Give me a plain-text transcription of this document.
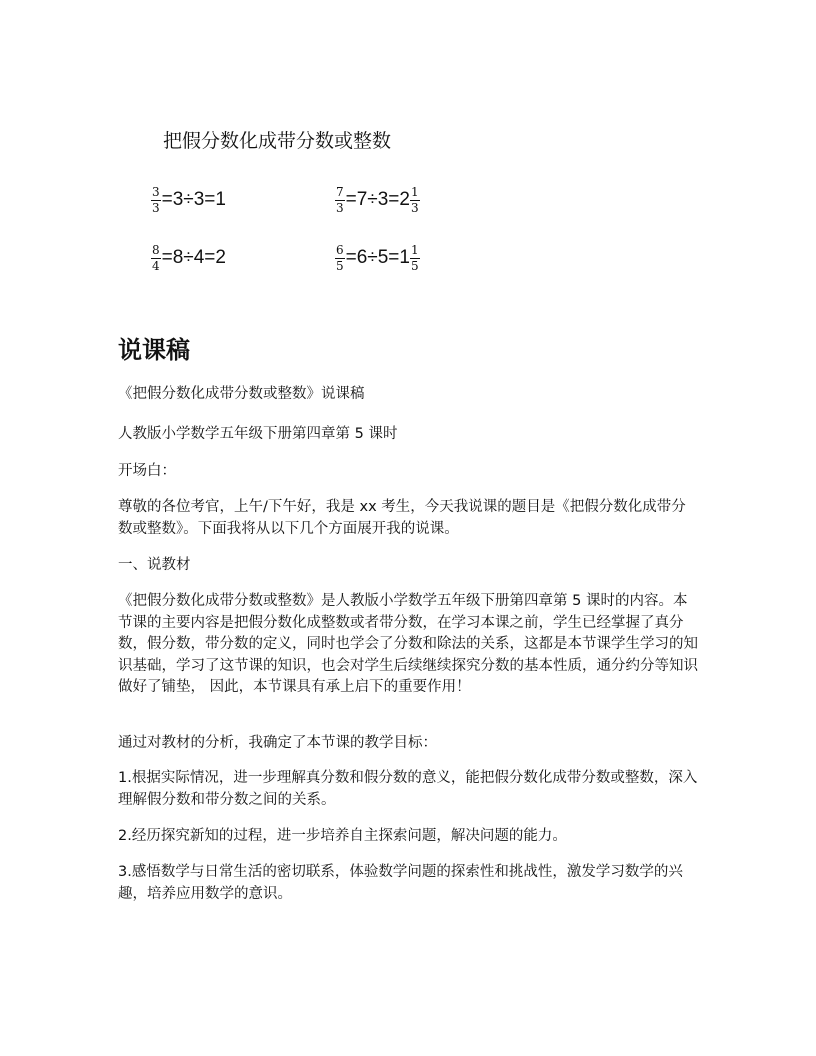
把假分数化成带分数或整数
$\frac{3}{3} =3\div 3=1$	$\frac{7}{3} =7\div 3=2 \frac{1}{3}$
$\frac{8}{4} =8\div 4=2$	$\frac{6}{5} =6\div 5=1 \frac{1}{5}$
说课稿
《把假分数化成带分数或整数》说课稿
人教版小学数学五年级下册第四章第 5 课时
开场白：
尊敬的各位考官，上午/下午好，我是 xx 考生，今天我说课的题目是《把假分数化成带分数或整数》。下面我将从以下几个方面展开我的说课。
一、说教材
《把假分数化成带分数或整数》是人教版小学数学五年级下册第四章第 5 课时的内容。本节课的主要内容是把假分数化成整数或者带分数，在学习本课之前，学生已经掌握了真分数，假分数，带分数的定义，同时也学会了分数和除法的关系，这都是本节课学生学习的知识基础，学习了这节课的知识，也会对学生后续继续探究分数的基本性质，通分约分等知识做好了铺垫， 因此，本节课具有承上启下的重要作用！
通过对教材的分析，我确定了本节课的教学目标：
1.根据实际情况，进一步理解真分数和假分数的意义，能把假分数化成带分数或整数，深入理解假分数和带分数之间的关系。
2.经历探究新知的过程，进一步培养自主探索问题，解决问题的能力。
3.感悟数学与日常生活的密切联系，体验数学问题的探索性和挑战性，激发学习数学的兴趣，培养应用数学的意识。
